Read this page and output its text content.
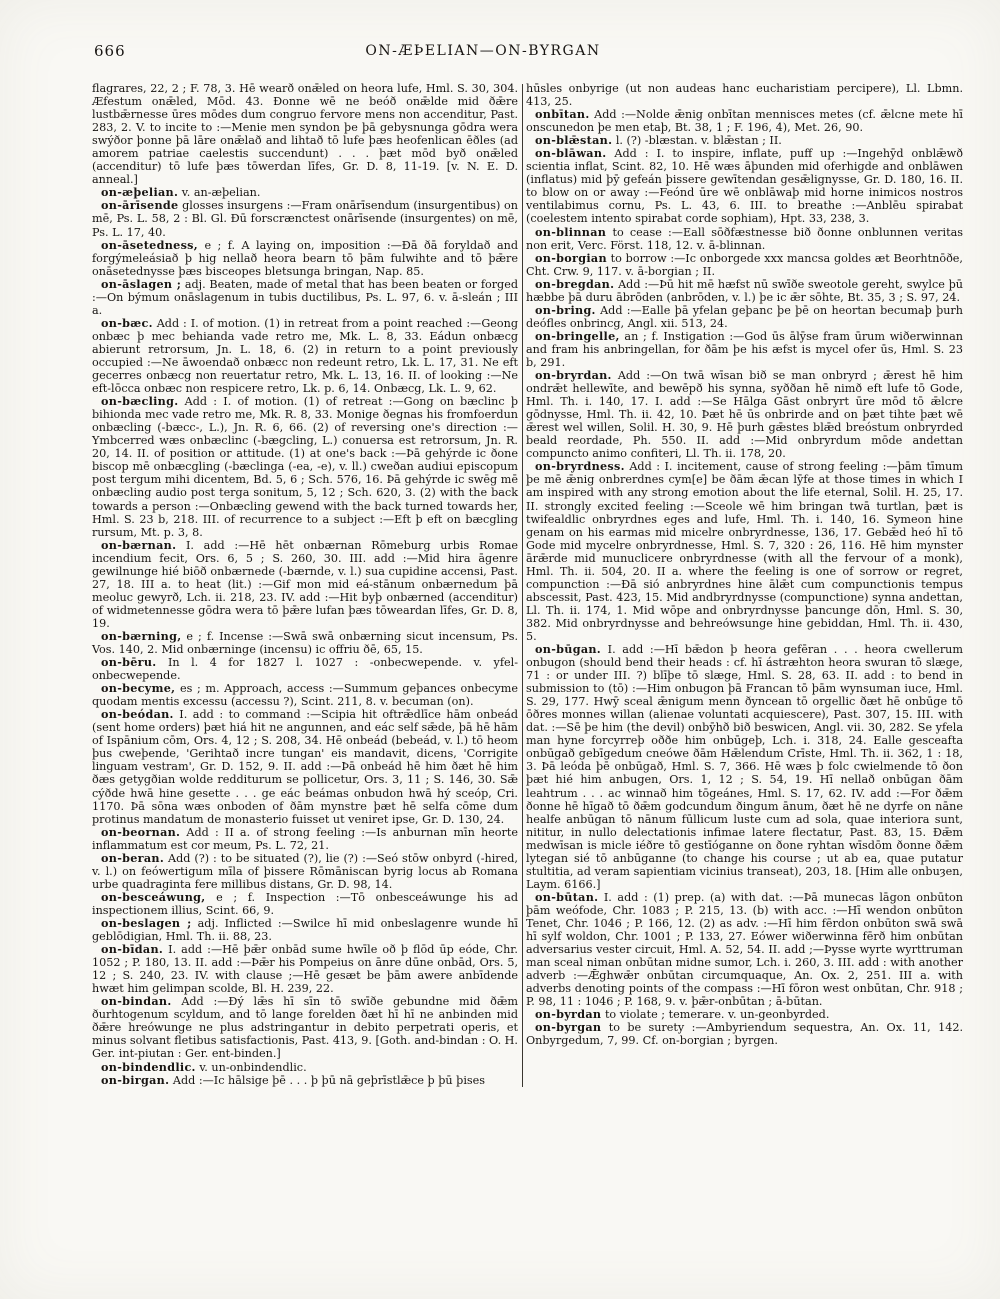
666	ON-ÆÞELIAN—ON-BYRGAN

flagrares, 22, 2 ; F. 78, 3. Hē wearð onǣled on heora lufe, Hml. S. 30, 304. Æfestum onǣled, Mōd. 43. Ðonne wē ne beóð onǣlde mid ðǣre lustbǣrnesse ūres mōdes dum congruo fervore mens non accenditur, Past. 283, 2. V. to incite to :—Menie men syndon þe þā gebysnunga gōdra wera swýðor þonne þā lāre onǣlað and lihtað tō lufe þæs heofenlican ēðles (ad amorem patriae caelestis succendunt) . . . þæt mōd byð onǣled (accenditur) tō lufe þæs tōwerdan līfes, Gr. D. 8, 11-19. [v. N. E. D. anneal.]

on-æþelian. v. an-æþelian.

on-ārīsende glosses insurgens :—Fram onārīsendum (insurgentibus) on mē, Ps. L. 58, 2 : Bl. Gl. Ðū forscrænctest onārīsende (insurgentes) on mē, Ps. L. 17, 40.

on-āsetedness, e ; f. A laying on, imposition :—Ðā ðā foryldað and forgýmeleásiað þ hig nellað heora bearn tō þām fulwihte and tō þǣre onāsetednysse þæs bisceopes bletsunga bringan, Nap. 85.

on-āslagen ; adj. Beaten, made of metal that has been beaten or forged :—On býmum onāslagenum in tubis ductilibus, Ps. L. 97, 6. v. ā-sleán ; III a.

on-bæc. Add : I. of motion. (1) in retreat from a point reached :—Geong onbæc þ mec behianda vade retro me, Mk. L. 8, 33. Eádun onbæcg abierunt retrorsum, Jn. L. 18, 6. (2) in return to a point previously occupied :—Ne āwoendað onbæcc non redeunt retro, Lk. L. 17, 31. Ne eft gecerres onbæcg non reuertatur retro, Mk. L. 13, 16. II. of looking :—Ne eft-lōcca onbæc non respicere retro, Lk. p. 6, 14. Onbæcg, Lk. L. 9, 62.

on-bæcling. Add : I. of motion. (1) of retreat :—Gong on bæclinc þ bihionda mec vade retro me, Mk. R. 8, 33. Monige ðegnas his fromfoerdun onbæcling (-bæcc-, L.), Jn. R. 6, 66. (2) of reversing one's direction :—Ymbcerred wæs onbæclinc (-bægcling, L.) conuersa est retrorsum, Jn. R. 20, 14. II. of position or attitude. (1) at one's back :—Þā gehýrde ic ðone biscop mē onbæcgling (-bæclinga (-ea, -e), v. ll.) cweðan audiui episcopum post tergum mihi dicentem, Bd. 5, 6 ; Sch. 576, 16. Þā gehýrde ic swēg mē onbæcling audio post terga sonitum, 5, 12 ; Sch. 620, 3. (2) with the back towards a person :—Onbæcling gewend with the back turned towards her, Hml. S. 23 b, 218. III. of recurrence to a subject :—Eft þ eft on bæcgling rursum, Mt. p. 3, 8.

on-bærnan. I. add :—Hē hēt onbærnan Rōmeburg urbis Romae incendium fecit, Ors. 6, 5 ; S. 260, 30. III. add :—Mid hira āgenre gewilnunge hié biōð onbærnede (-bærnde, v. l.) sua cupidine accensi, Past. 27, 18. III a. to heat (lit.) :—Gif mon mid eá-stānum onbærnedum þā meoluc gewyrð, Lch. ii. 218, 23. IV. add :—Hit byþ onbærned (accenditur) of widmetennesse gōdra wera tō þǣre lufan þæs tōweardan līfes, Gr. D. 8, 19.

on-bærning, e ; f. Incense :—Swā swā onbærning sicut incensum, Ps. Vos. 140, 2. Mid onbærninge (incensu) ic offriu ðē, 65, 15.

on-bēru. In l. 4 for 1827 l. 1027 : -onbecwepende. v. yfel-onbecwepende.

on-becyme, es ; m. Approach, access :—Summum geþances onbecyme quodam mentis excessu (accessu ?), Scint. 211, 8. v. becuman (on).

on-beódan. I. add : to command :—Scipia hit oftrǣdlīce hām onbeád (sent home orders) þæt hiá hit ne angunnen, and eác self sǣde, þā hē hām of Ispānium cōm, Ors. 4, 12 ; S. 208, 34. Hē onbeád (bebeád, v. l.) tō heom þus cweþende, 'Gerihtað incre tungan' eis mandavit, dicens, 'Corrigite linguam vestram', Gr. D. 152, 9. II. add :—Þā onbeád hē him ðæt hē him ðæs getygðian wolde redditurum se pollicetur, Ors. 3, 11 ; S. 146, 30. Sǣ cýðde hwā hine gesette . . . ge eác beámas onbudon hwā hý sceóp, Cri. 1170. Þā sōna wæs onboden of ðām mynstre þæt hē selfa cōme dum protinus mandatum de monasterio fuisset ut veniret ipse, Gr. D. 130, 24.

on-beornan. Add : II a. of strong feeling :—Is anburnan mīn heorte inflammatum est cor meum, Ps. L. 72, 21.

on-beran. Add (?) : to be situated (?), lie (?) :—Seó stōw onbyrd (-hired, v. l.) on feówertigum mīla of þissere Rōmāniscan byrig locus ab Romana urbe quadraginta fere millibus distans, Gr. D. 98, 14.

on-besceáwung, e ; f. Inspection :—Tō onbesceáwunge his ad inspectionem illius, Scint. 66, 9.

on-beslagen ; adj. Inflicted :—Swilce hī mid onbeslagenre wunde hī geblōdigian, Hml. Th. ii. 88, 23.

on-bīdan. I. add :—Hē þǣr onbād sume hwīle oð þ flōd ūp eóde, Chr. 1052 ; P. 180, 13. II. add :—Þǣr his Pompeius on ānre dūne onbād, Ors. 5, 12 ; S. 240, 23. IV. with clause ;—Hē gesæt be þām awere anbīdende hwæt him gelimpan scolde, Bl. H. 239, 22.

on-bindan. Add :—Ðý lǣs hī sīn tō swīðe gebundne mid ðǣm ðurhtogenum scyldum, and tō lange forelden ðæt hī hī ne anbinden mid ðǣre hreówunge ne plus adstringantur in debito perpetrati operis, et minus solvant fletibus satisfactionis, Past. 413, 9. [Goth. and-bindan : O. H. Ger. int-piutan : Ger. ent-binden.]

on-bindendlic. v. un-onbindendlic.

on-birgan. Add :—Ic hālsige þē . . . þ þū nā geþrīstlǣce þ þū þises

hūsles onbyrige (ut non audeas hanc eucharistiam percipere), Ll. Lbmn. 413, 25.

onbītan. Add :—Nolde ǣnig onbītan mennisces metes (cf. ǣlcne mete hī onscunedon þe men etaþ, Bt. 38, 1 ; F. 196, 4), Met. 26, 90.

on-blǣstan. l. (?) -blæstan. v. blǣstan ; II.

on-blāwan. Add : I. to inspire, inflate, puff up :—Ingehȳd onblǣwð scientia inflat, Scint. 82, 10. Hē wæs āþunden mid oferhigde and onblāwen (inflatus) mid þȳ gefeán þissere gewītendan gesǣlignysse, Gr. D. 180, 16. II. to blow on or away :—Feónd ūre wē onblāwaþ mid horne inimicos nostros ventilabimus cornu, Ps. L. 43, 6. III. to breathe :—Anblēu spirabat (coelestem intento spirabat corde sophiam), Hpt. 33, 238, 3.

on-blinnan to cease :—Eall sōðfæstnesse bið ðonne onblunnen veritas non erit, Verc. Först. 118, 12. v. ā-blinnan.

on-borgian to borrow :—Ic onborgede xxx mancsa goldes æt Beorhtnōðe, Cht. Crw. 9, 117. v. ā-borgian ; II.

on-bregdan. Add :—Þū hit mē hæfst nū swīðe sweotole gereht, swylce þū hæbbe þā duru ābrōden (anbrōden, v. l.) þe ic ǣr sōhte, Bt. 35, 3 ; S. 97, 24.

on-bring. Add :—Ealle þā yfelan geþanc þe þē on heortan becumaþ þurh deófles onbrincg, Angl. xii. 513, 24.

on-bringelle, an ; f. Instigation :—God ūs ālȳse fram ūrum wiðerwinnan and fram his anbringellan, for ðām þe his æfst is mycel ofer ūs, Hml. S. 23 b, 291.

on-bryrdan. Add :—On twā wīsan bið se man onbryrd ; ǣrest hē him ondrǣt hellewīte, and bewēpð his synna, syððan hē nimð eft lufe tō Gode, Hml. Th. i. 140, 17. I. add :—Se Hālga Gāst onbryrt ūre mōd tō ǣlcre gōdnysse, Hml. Th. ii. 42, 10. Þæt hē ūs onbrirde and on þæt tihte þæt wē ǣrest wel willen, Solil. H. 30, 9. Hē þurh gǣstes blǣd breóstum onbryrded beald reordade, Ph. 550. II. add :—Mid onbryrdum mōde andettan compuncto animo confiteri, Ll. Th. ii. 178, 20.

on-bryrdness. Add : I. incitement, cause of strong feeling :—þām tīmum þe mē ǣnig onbrerdnes cym[e] be ðām ǣcan lȳfe at those times in which I am inspired with any strong emotion about the life eternal, Solil. H. 25, 17. II. strongly excited feeling :—Sceole wē him bringan twā turtlan, þæt is twifealdlic onbryrdnes eges and lufe, Hml. Th. i. 140, 16. Symeon hine genam on his earmas mid micelre onbryrdnesse, 136, 17. Gebǣd heó hī tō Gode mid mycelre onbryrdnesse, Hml. S. 7, 320 : 26, 116. Hē him mynster ārǣrde mid munuclicere onbryrdnesse (with all the fervour of a monk), Hml. Th. ii. 504, 20. II a. where the feeling is one of sorrow or regret, compunction :—Ðā sió anbryrdnes hine ālǣt cum compunctionis tempus abscessit, Past. 423, 15. Mid andbryrdnysse (compunctione) synna andettan, Ll. Th. ii. 174, 1. Mid wōpe and onbryrdnysse þancunge dōn, Hml. S. 30, 382. Mid onbryrdnysse and behreówsunge hine gebiddan, Hml. Th. ii. 430, 5.

on-būgan. I. add :—Hī bǣdon þ heora gefēran . . . heora cwellerum onbugon (should bend their heads : cf. hī ástræhton heora swuran tō slæge, 71 : or under III. ?) blīþe tō slæge, Hml. S. 28, 63. II. add : to bend in submission to (tō) :—Him onbugon þā Francan tō þām wynsuman iuce, Hml. S. 29, 177. Hwȳ sceal ǣnigum menn ðyncean tō orgellic ðæt hē onbūge tō ōðres monnes willan (alienae voluntati acquiescere), Past. 307, 15. III. with dat. :—Sē þe him (the devil) onbȳhð bið beswicen, Angl. vii. 30, 282. Se yfela man hyne forcyrreþ oððe him onbūgeþ, Lch. i. 318, 24. Ealle gesceafta onbūgað gebīgedum cneówe ðām Hǣlendum Crīste, Hml. Th. ii. 362, 1 : 18, 3. Þā leóda þē onbūgað, Hml. S. 7, 366. Hē wæs þ folc cwielmende tō ðon þæt hié him anbugen, Ors. 1, 12 ; S. 54, 19. Hī nellað onbūgan ðām leahtrum . . . ac winnað him tōgeánes, Hml. S. 17, 62. IV. add :—For ðǣm ðonne hē hīgað tō ðǣm godcundum ðingum ānum, ðæt hē ne dyrfe on nāne healfe anbūgan tō nānum fūllicum luste cum ad sola, quae interiora sunt, nititur, in nullo delectationis infimae latere flectatur, Past. 83, 15. Ðǣm medwīsan is micle iéðre tō gestīóganne on ðone ryhtan wīsdōm ðonne ðǣm lytegan sié tō anbūganne (to change his course ; ut ab ea, quae putatur stultitia, ad veram sapientiam vicinius transeat), 203, 18. [Him alle onbuȝen, Laym. 6166.]

on-būtan. I. add : (1) prep. (a) with dat. :—Þā munecas lāgon onbūton þām weófode, Chr. 1083 ; P. 215, 13. (b) with acc. :—Hī wendon onbūton Tenet, Chr. 1046 ; P. 166, 12. (2) as adv. :—Hī him fērdon onbūton swā swā hī sylf woldon, Chr. 1001 ; P. 133, 27. Eówer wiðerwinna fērð him onbūtan adversarius vester circuit, Hml. A. 52, 54. II. add ;—Þysse wyrte wyrttruman man sceal niman onbūtan midne sumor, Lch. i. 260, 3. III. add : with another adverb :—Ǣghwǣr onbūtan circumquaque, An. Ox. 2, 251. III a. with adverbs denoting points of the compass :—Hī fōron west onbūtan, Chr. 918 ; P. 98, 11 : 1046 ; P. 168, 9. v. þǣr-onbūtan ; ā-būtan.

on-byrdan to violate ; temerare. v. un-geonbyrded.

on-byrgan to be surety :—Ambyriendum sequestra, An. Ox. 11, 142. Onbyrgedum, 7, 99. Cf. on-borgian ; byrgen.
